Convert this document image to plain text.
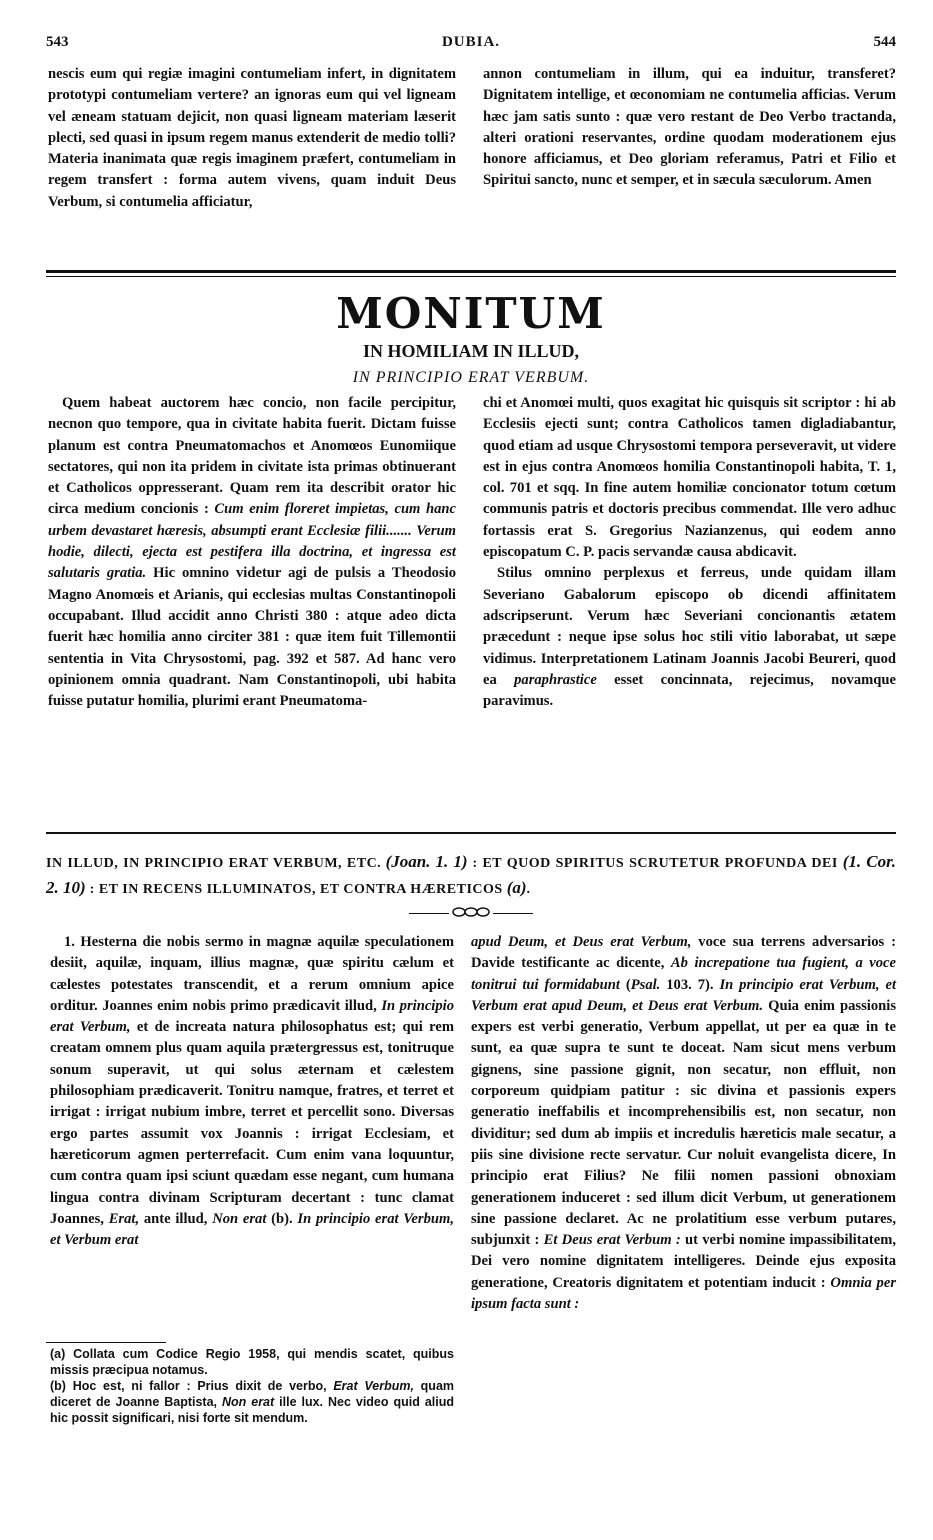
543	DUBIA.	544

nescis eum qui regiæ imagini contumeliam infert, in dignitatem prototypi contumeliam vertere? an ignoras eum qui vel ligneam vel æneam statuam dejicit, non quasi ligneam materiam læserit plecti, sed quasi in ipsum regem manus extenderit de medio tolli? Materia inanimata quæ regis imaginem præfert, contumeliam in regem transfert : forma autem vivens, quam induit Deus Verbum, si contumelia afficiatur,

annon contumeliam in illum, qui ea induitur, transferet? Dignitatem intellige, et œconomiam ne contumelia afficias. Verum hæc jam satis sunto : quæ vero restant de Deo Verbo tractanda, alteri orationi reservantes, ordine quodam moderationem ejus honore afficiamus, et Deo gloriam referamus, Patri et Filio et Spiritui sancto, nunc et semper, et in sæcula sæculorum. Amen

MONITUM
IN HOMILIAM IN ILLUD,
IN PRINCIPIO ERAT VERBUM.

Quem habeat auctorem hæc concio, non facile percipitur, necnon quo tempore, qua in civitate habita fuerit. Dictam fuisse planum est contra Pneumatomachos et Anomœos Eunomiique sectatores, qui non ita pridem in civitate ista primas obtinuerant et Catholicos oppresserant. Quam rem ita describit orator hic circa medium concionis : Cum enim floreret impietas, cum hanc urbem devastaret hæresis, absumpti erant Ecclesiæ filii....... Verum hodie, dilecti, ejecta est pestifera illa doctrina, et ingressa est salutaris gratia. Hic omnino videtur agi de pulsis a Theodosio Magno Anomœis et Arianis, qui ecclesias multas Constantinopoli occupabant. Illud accidit anno Christi 380 : atque adeo dicta fuerit hæc homilia anno circiter 381 : quæ item fuit Tillemontii sententia in Vita Chrysostomi, pag. 392 et 587. Ad hanc vero opinionem omnia quadrant. Nam Constantinopoli, ubi habita fuisse putatur homilia, plurimi erant Pneumatoma-

chi et Anomœi multi, quos exagitat hic quisquis sit scriptor : hi ab Ecclesiis ejecti sunt; contra Catholicos tamen digladiabantur, quod etiam ad usque Chrysostomi tempora perseveravit, ut videre est in ejus contra Anomœos homilia Constantinopoli habita, T. 1, col. 701 et sqq. In fine autem homiliæ concionator totum cœtum communis patris et doctoris precibus commendat. Ille vero adhuc fortassis erat S. Gregorius Nazianzenus, qui eodem anno episcopatum C. P. pacis servandæ causa abdicavit.

Stilus omnino perplexus et ferreus, unde quidam illam Severiano Gabalorum episcopo ob dicendi affinitatem adscripserunt. Verum hæc Severiani concionantis ætatem præcedunt : neque ipse solus hoc stili vitio laborabat, ut sæpe vidimus. Interpretationem Latinam Joannis Jacobi Beureri, quod ea paraphrastice esset concinnata, rejecimus, novamque paravimus.

IN ILLUD, IN PRINCIPIO ERAT VERBUM, ETC. (Joan. 1. 1) : ET QUOD SPIRITUS SCRUTETUR PROFUNDA DEI (1. Cor. 2. 10) : ET IN RECENS ILLUMINATOS, ET CONTRA HÆRETICOS (a).

1. Hesterna die nobis sermo in magnæ aquilæ speculationem desiit, aquilæ, inquam, illius magnæ, quæ spiritu cælum et cælestes potestates transcendit, et a rerum omnium apice orditur. Joannes enim nobis primo prædicavit illud, In principio erat Verbum, et de increata natura philosophatus est; qui rem creatam omnem plus quam aquila prætergressus est, tonitruque sonum superavit, ut qui solus æternam et cælestem philosophiam prædicaverit. Tonitru namque, fratres, et terret et irrigat : irrigat nubium imbre, terret et percellit sono. Diversas ergo partes assumit vox Joannis : irrigat Ecclesiam, et hæreticorum agmen perterrefacit. Cum enim vana loquuntur, cum contra quam ipsi sciunt quædam esse negant, cum humana lingua contra divinam Scripturam decertant : tunc clamat Joannes, Erat, ante illud, Non erat (b). In principio erat Verbum, et Verbum erat

apud Deum, et Deus erat Verbum, voce sua terrens adversarios : Davide testificante ac dicente, Ab increpatione tua fugient, a voce tonitrui tui formidabunt (Psal. 103. 7). In principio erat Verbum, et Verbum erat apud Deum, et Deus erat Verbum. Quia enim passionis expers est verbi generatio, Verbum appellat, ut per ea quæ in te sunt, ea quæ supra te sunt te doceat. Nam sicut mens verbum gignens, sine passione gignit, non secatur, non effluit, non corporeum quidpiam patitur : sic divina et passionis expers generatio ineffabilis et incomprehensibilis est, non secatur, non dividitur; sed dum ab impiis et incredulis hæreticis male secatur, a piis sine divisione recte servatur. Cur noluit evangelista dicere, In principio erat Filius? Ne filii nomen passioni obnoxiam generationem induceret : sed illum dicit Verbum, ut generationem sine passione declaret. Ac ne prolatitium esse verbum putares, subjunxit : Et Deus erat Verbum : ut verbi nomine impassibilitatem, Dei vero nomine dignitatem intelligeres. Deinde ejus exposita generatione, Creatoris dignitatem et potentiam inducit : Omnia per ipsum facta sunt :

(a) Collata cum Codice Regio 1958, qui mendis scatet, quibus missis præcipua notamus.

(b) Hoc est, ni fallor : Prius dixit de verbo, Erat Verbum, quam diceret de Joanne Baptista, Non erat ille lux. Nec video quid aliud hic possit significari, nisi forte sit mendum.
